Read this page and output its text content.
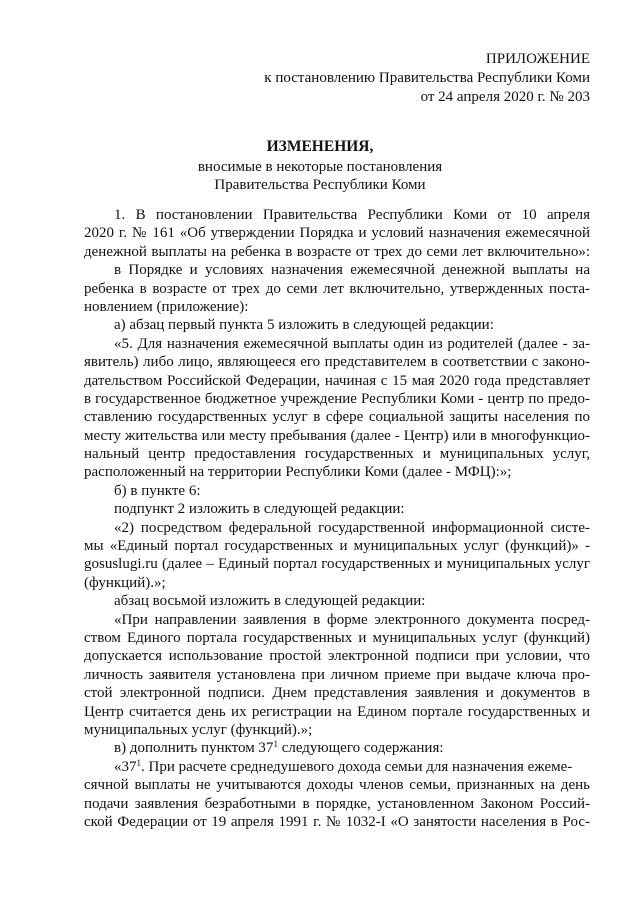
ПРИЛОЖЕНИЕ
к постановлению Правительства Республики Коми
от 24 апреля 2020 г. № 203
ИЗМЕНЕНИЯ,
вносимые в некоторые постановления
Правительства Республики Коми
1. В постановлении Правительства Республики Коми от 10 апреля
2020 г. № 161 «Об утверждении Порядка и условий назначения ежемесячной
денежной выплаты на ребенка в возрасте от трех до семи лет включительно»:
в Порядке и условиях назначения ежемесячной денежной выплаты на
ребенка в возрасте от трех до семи лет включительно, утвержденных поста-
новлением (приложение):
а) абзац первый пункта 5 изложить в следующей редакции:
«5. Для назначения ежемесячной выплаты один из родителей (далее - за-
явитель) либо лицо, являющееся его представителем в соответствии с законо-
дательством Российской Федерации, начиная с 15 мая 2020 года представляет
в государственное бюджетное учреждение Республики Коми - центр по предо-
ставлению государственных услуг в сфере социальной защиты населения по
месту жительства или месту пребывания (далее - Центр) или в многофункцио-
нальный центр предоставления государственных и муниципальных услуг,
расположенный на территории Республики Коми (далее - МФЦ):»;
б) в пункте 6:
подпункт 2 изложить в следующей редакции:
«2) посредством федеральной государственной информационной систе-
мы «Единый портал государственных и муниципальных услуг (функций)» -
gosuslugi.ru (далее – Единый портал государственных и муниципальных услуг
(функций).»;
абзац восьмой изложить в следующей редакции:
«При направлении заявления в форме электронного документа посред-
ством Единого портала государственных и муниципальных услуг (функций)
допускается использование простой электронной подписи при условии, что
личность заявителя установлена при личном приеме при выдаче ключа про-
стой электронной подписи. Днем представления заявления и документов в
Центр считается день их регистрации на Едином портале государственных и
муниципальных услуг (функций).»;
в) дополнить пунктом $37^1$ следующего содержания:
«$37^1$. При расчете среднедушевого дохода семьи для назначения ежеме-
сячной выплаты не учитываются доходы членов семьи, признанных на день
подачи заявления безработными в порядке, установленном Законом Россий-
ской Федерации от 19 апреля 1991 г. № 1032-I «О занятости населения в Рос-
